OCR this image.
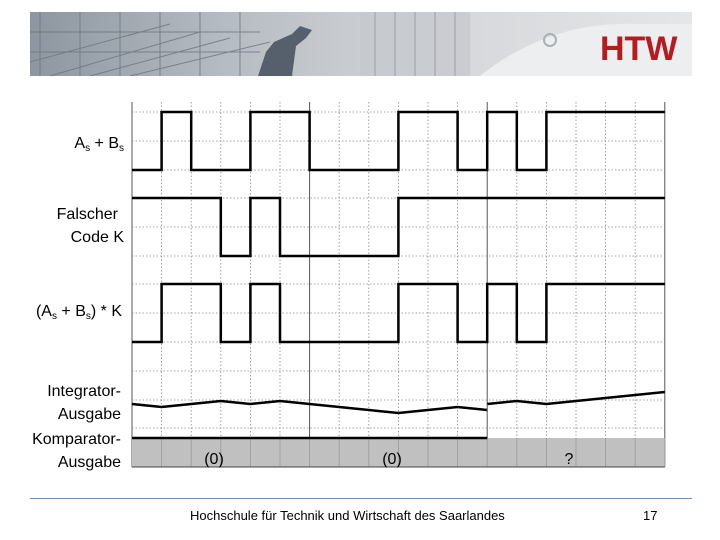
HTW
(0)	(0)	?
$A_s + B_s$
Falscher
Code K
$(A_s + B_s) * K$
Integrator-
Ausgabe
Komparator-
Ausgabe
Hochschule für Technik und Wirtschaft des Saarlandes	17
